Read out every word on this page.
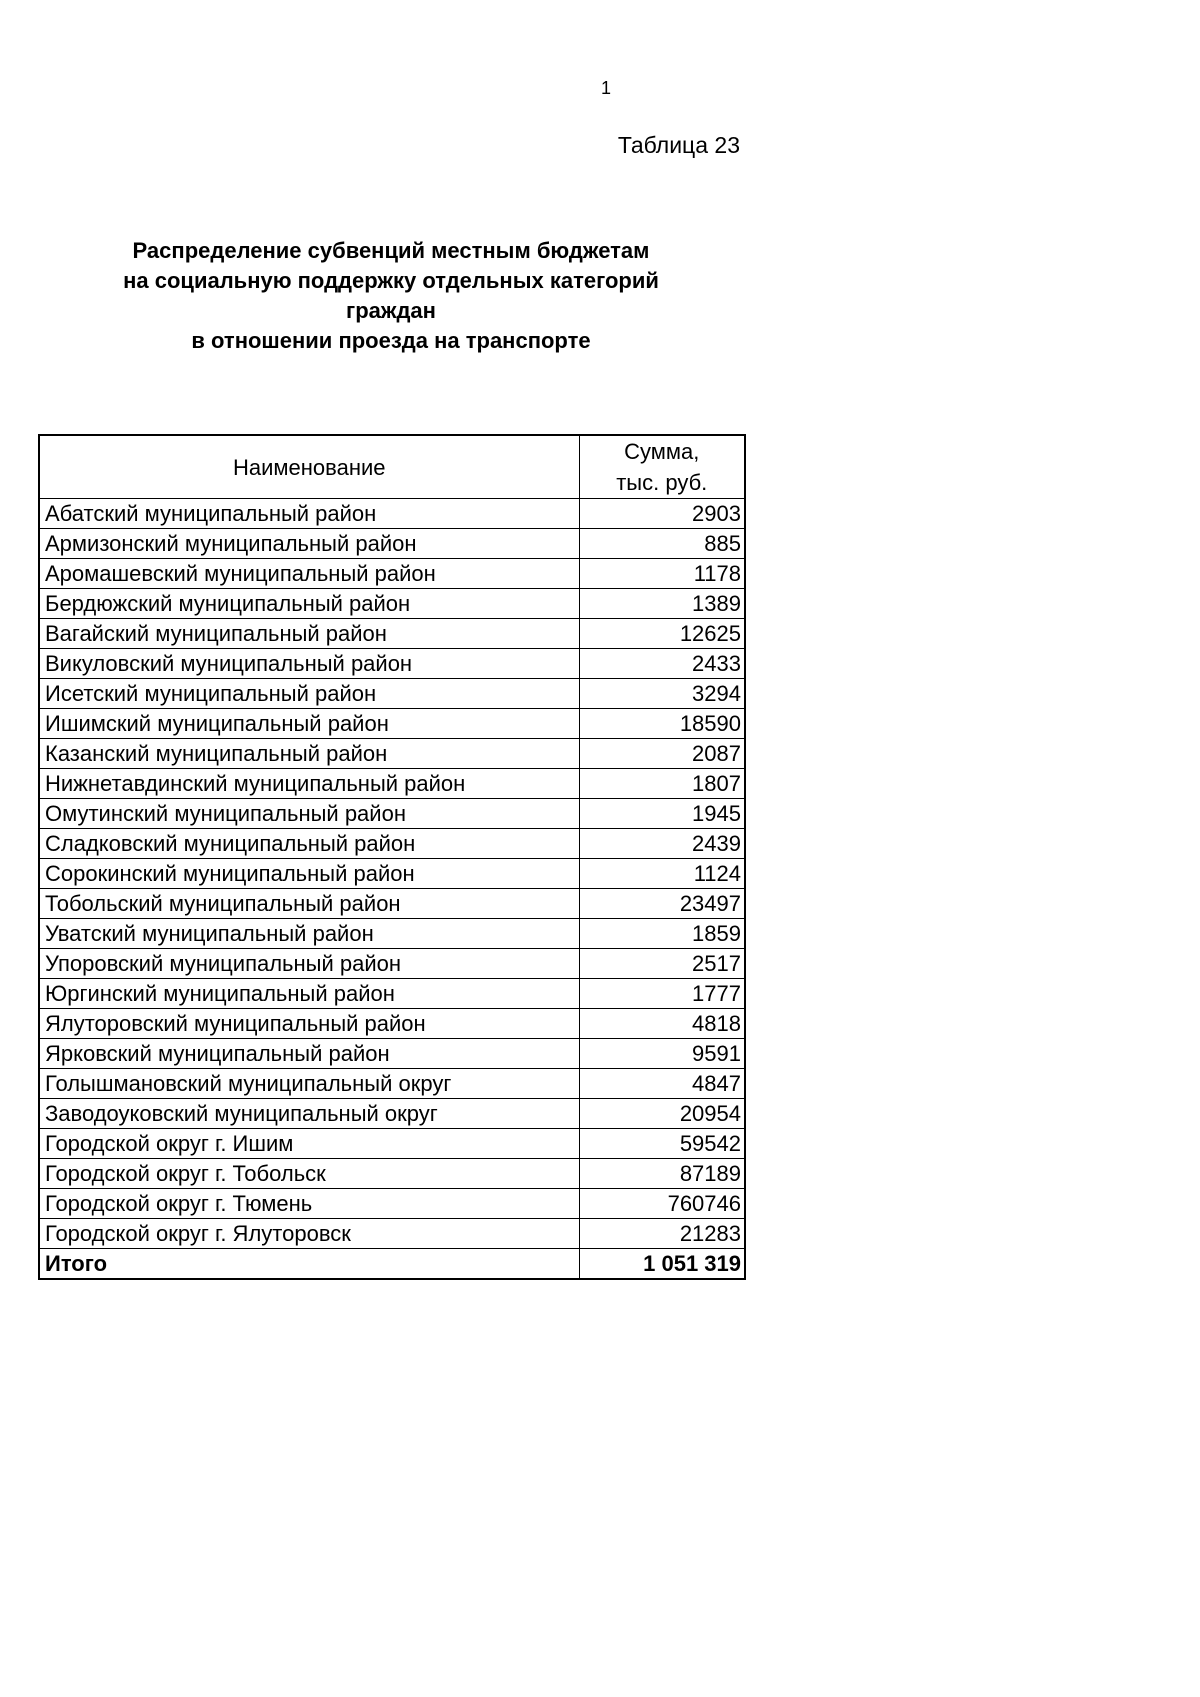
1
Таблица 23
Распределение субвенций местным бюджетам
на социальную поддержку отдельных категорий
граждан
в отношении проезда на транспорте
Наименование	Сумма,
тыс. руб.

Абатский муниципальный район	2903
Армизонский муниципальный район	885
Аромашевский муниципальный район	1178
Бердюжский муниципальный район	1389
Вагайский муниципальный район	12625
Викуловский муниципальный район	2433
Исетский муниципальный район	3294
Ишимский муниципальный район	18590
Казанский муниципальный район	2087
Нижнетавдинский муниципальный район	1807
Омутинский муниципальный район	1945
Сладковский муниципальный район	2439
Сорокинский муниципальный район	1124
Тобольский муниципальный район	23497
Уватский муниципальный район	1859
Упоровский муниципальный район	2517
Юргинский муниципальный район	1777
Ялуторовский муниципальный район	4818
Ярковский муниципальный район	9591
Голышмановский муниципальный округ	4847
Заводоуковский муниципальный округ	20954
Городской округ г. Ишим	59542
Городской округ г. Тобольск	87189
Городской округ г. Тюмень	760746
Городской округ г. Ялуторовск	21283
Итого	1 051 319
